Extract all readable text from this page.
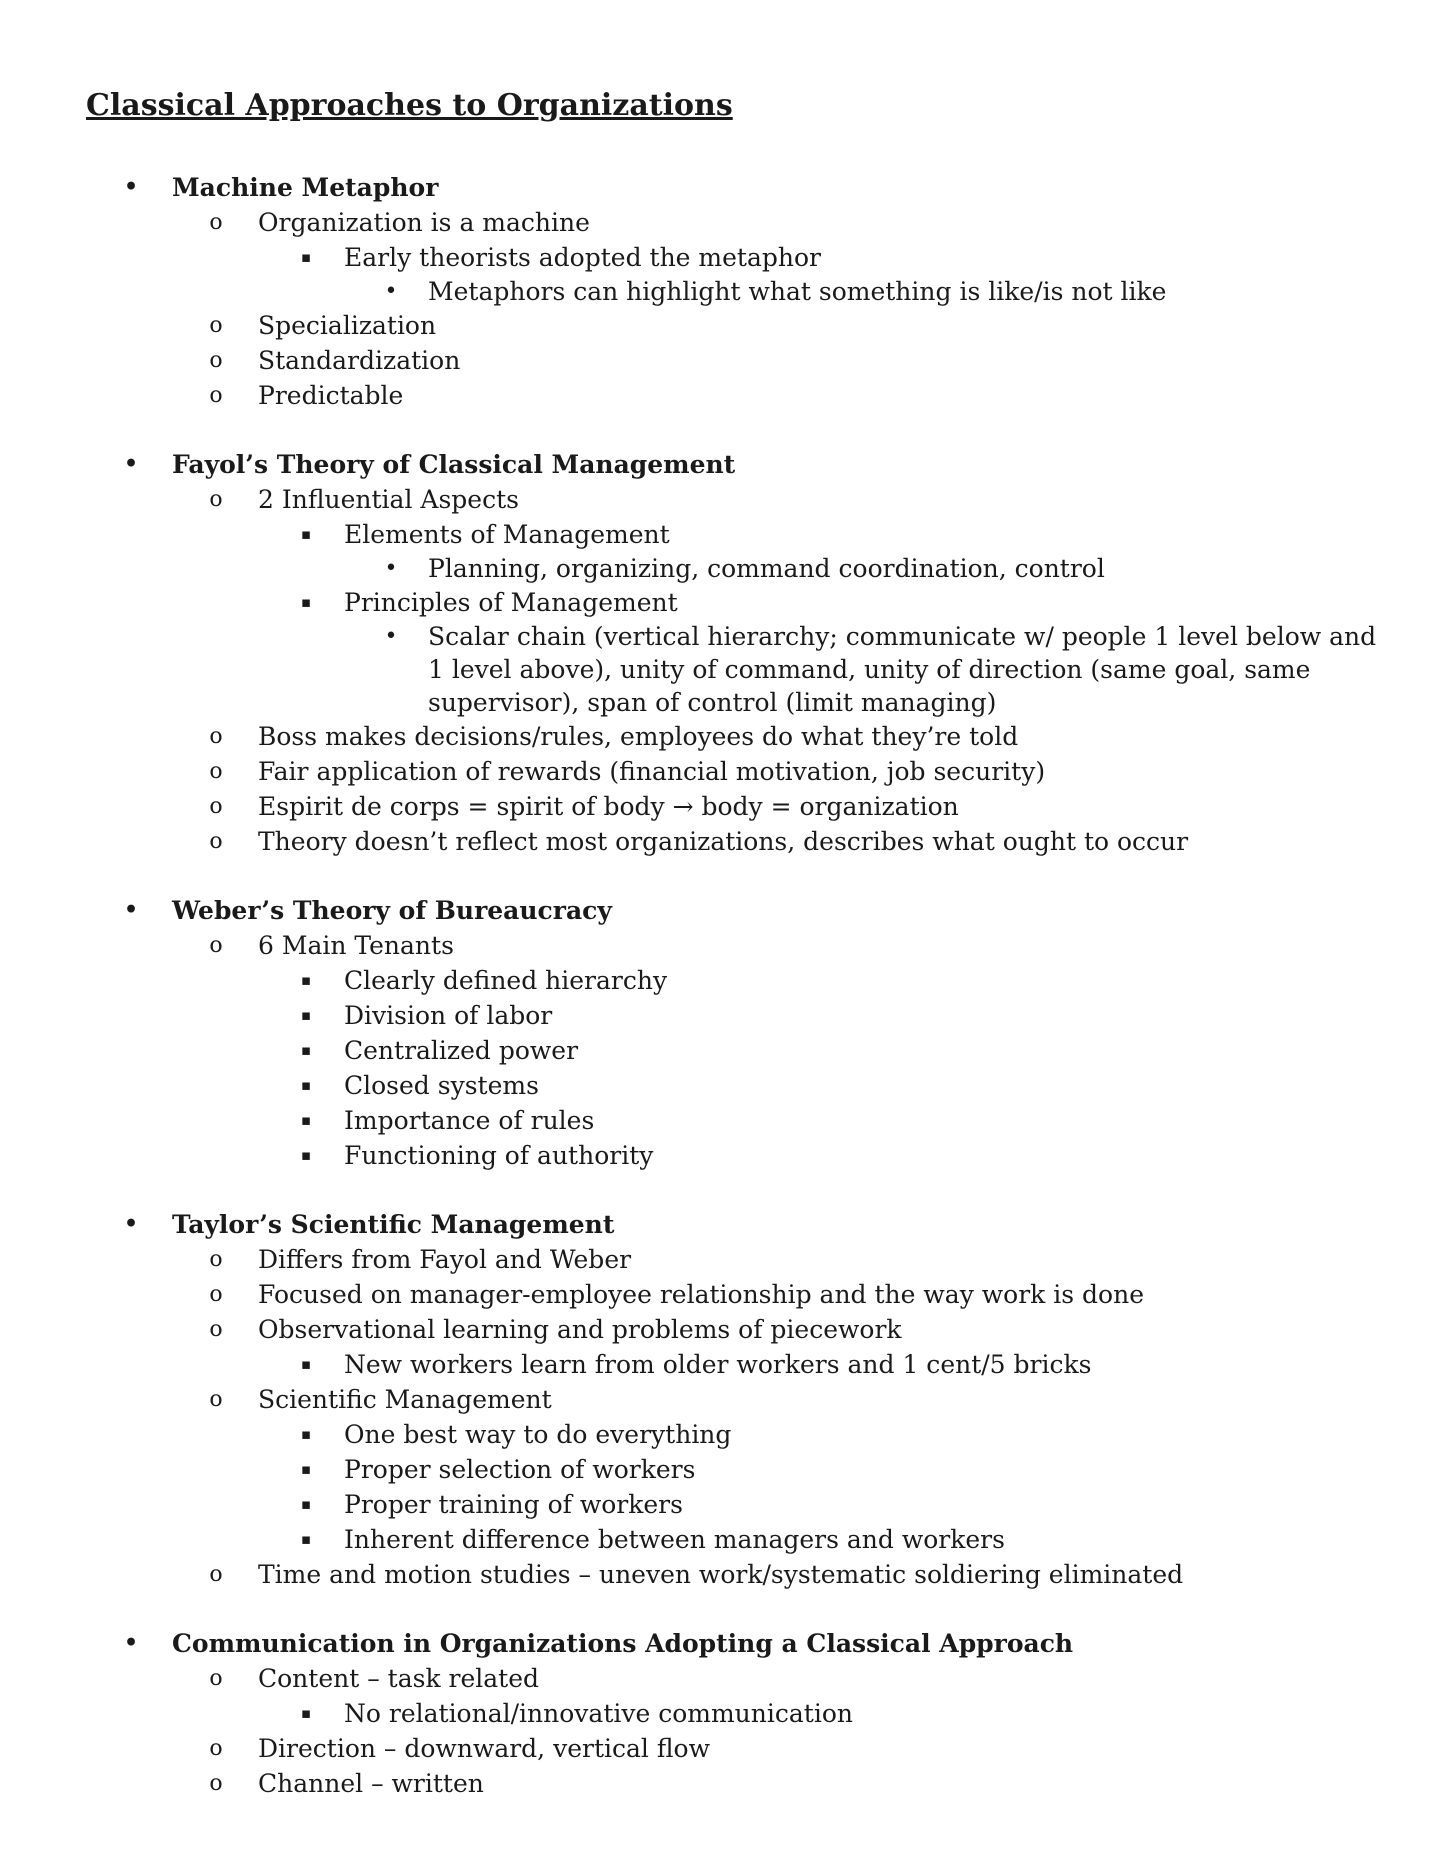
Classical Approaches to Organizations
•	Machine Metaphor
o	Organization is a machine
▪	Early theorists adopted the metaphor
•	Metaphors can highlight what something is like/is not like
o	Specialization
o	Standardization
o	Predictable
•	Fayol’s Theory of Classical Management
o	2 Influential Aspects
▪	Elements of Management
•	Planning, organizing, command coordination, control
▪	Principles of Management
•	Scalar chain (vertical hierarchy; communicate w/ people 1 level below and 1 level above), unity of command, unity of direction (same goal, same supervisor), span of control (limit managing)
o	Boss makes decisions/rules, employees do what they’re told
o	Fair application of rewards (financial motivation, job security)
o	Espirit de corps = spirit of body → body = organization
o	Theory doesn’t reflect most organizations, describes what ought to occur
•	Weber’s Theory of Bureaucracy
o	6 Main Tenants
▪	Clearly defined hierarchy
▪	Division of labor
▪	Centralized power
▪	Closed systems
▪	Importance of rules
▪	Functioning of authority
•	Taylor’s Scientific Management
o	Differs from Fayol and Weber
o	Focused on manager-employee relationship and the way work is done
o	Observational learning and problems of piecework
▪	New workers learn from older workers and 1 cent/5 bricks
o	Scientific Management
▪	One best way to do everything
▪	Proper selection of workers
▪	Proper training of workers
▪	Inherent difference between managers and workers
o	Time and motion studies – uneven work/systematic soldiering eliminated
•	Communication in Organizations Adopting a Classical Approach
o	Content – task related
▪	No relational/innovative communication
o	Direction – downward, vertical flow
o	Channel – written
